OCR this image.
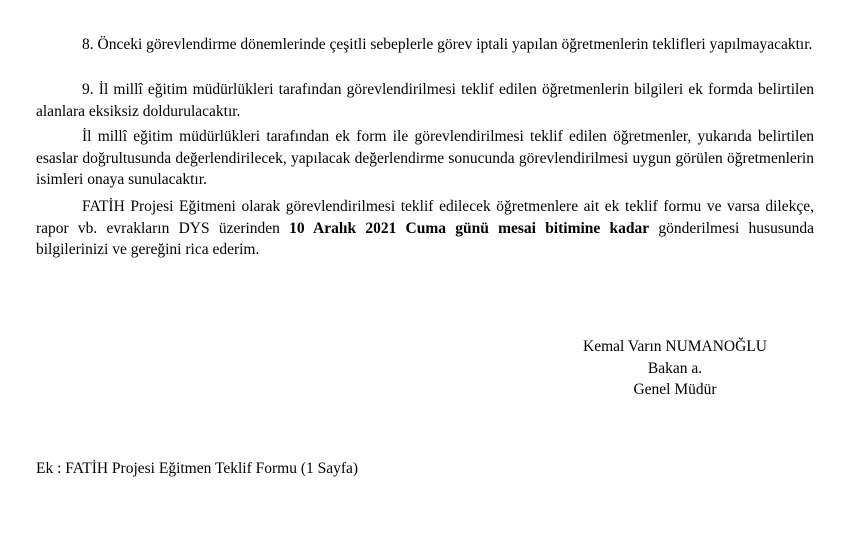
8. Önceki görevlendirme dönemlerinde çeşitli sebeplerle görev iptali yapılan öğretmenlerin teklifleri yapılmayacaktır.

9. İl millî eğitim müdürlükleri tarafından görevlendirilmesi teklif edilen öğretmenlerin bilgileri ek formda belirtilen alanlara eksiksiz doldurulacaktır.

İl millî eğitim müdürlükleri tarafından ek form ile görevlendirilmesi teklif edilen öğretmenler, yukarıda belirtilen esaslar doğrultusunda değerlendirilecek, yapılacak değerlendirme sonucunda görevlendirilmesi uygun görülen öğretmenlerin isimleri onaya sunulacaktır.

FATİH Projesi Eğitmeni olarak görevlendirilmesi teklif edilecek öğretmenlere ait ek teklif formu ve varsa dilekçe, rapor vb. evrakların DYS üzerinden 10 Aralık 2021 Cuma günü mesai bitimine kadar gönderilmesi hususunda bilgilerinizi ve gereğini rica ederim.

Kemal Varın NUMANOĞLU
Bakan a.
Genel Müdür
Ek : FATİH Projesi Eğitmen Teklif Formu (1 Sayfa)
